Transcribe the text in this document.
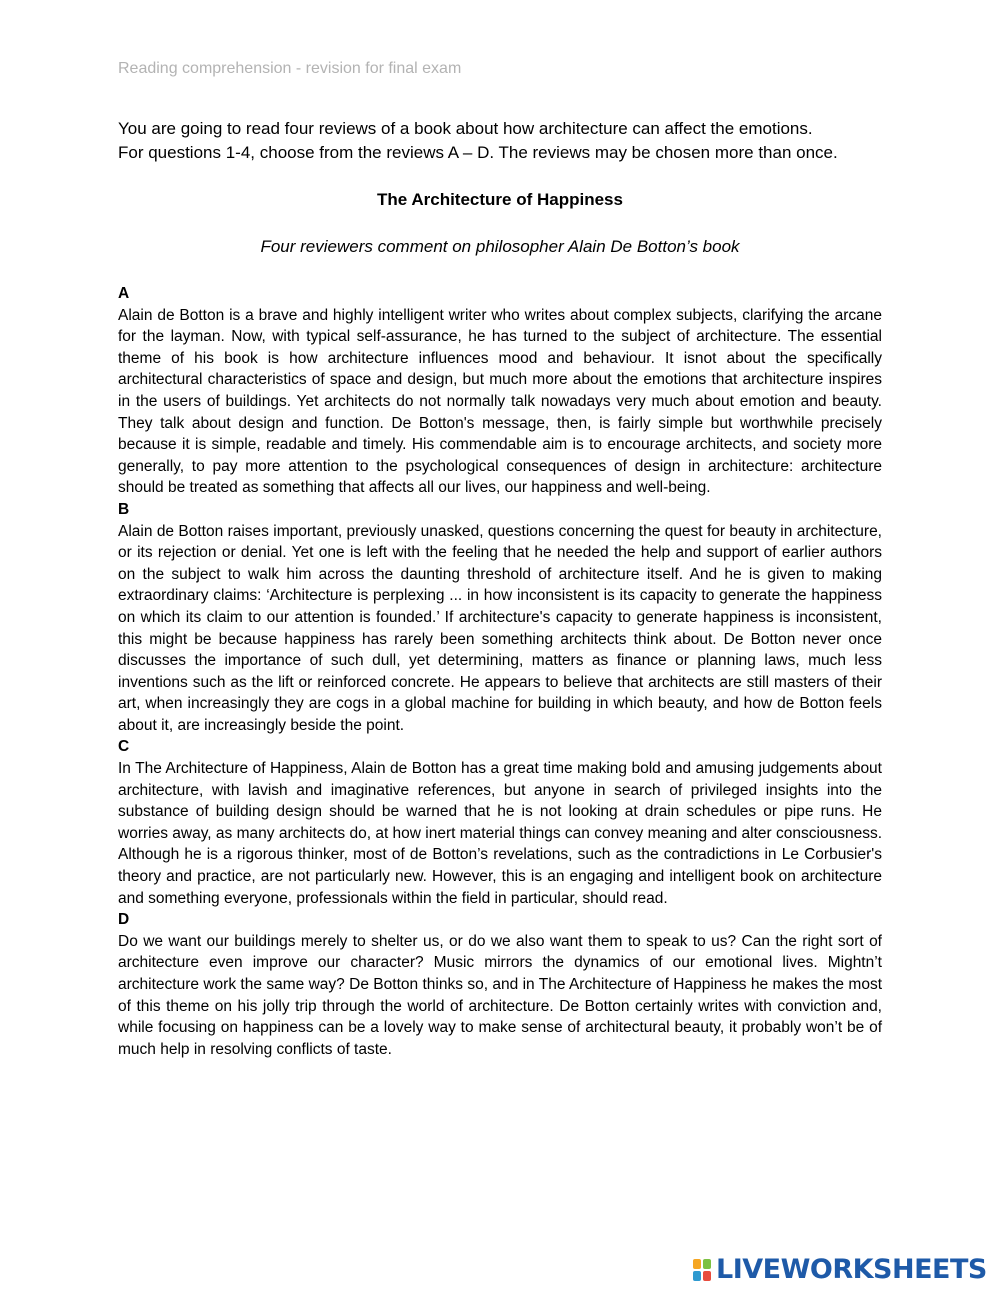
Reading comprehension - revision for final exam
You are going to read four reviews of a book about how architecture can affect the emotions.
For questions 1-4, choose from the reviews A – D. The reviews may be chosen more than once.
The Architecture of Happiness
Four reviewers comment on philosopher Alain De Botton’s book
A

Alain de Botton is a brave and highly intelligent writer who writes about complex subjects, clarifying the arcane for the layman. Now, with typical self-assurance, he has turned to the subject of architecture. The essential theme of his book is how architecture influences mood and behaviour. It isnot about the specifically architectural characteristics of space and design, but much more about the emotions that architecture inspires in the users of buildings. Yet architects do not normally talk nowadays very much about emotion and beauty. They talk about design and function. De Botton's message, then, is fairly simple but worthwhile precisely because it is simple, readable and timely. His commendable aim is to encourage architects, and society more generally, to pay more attention to the psychological consequences of design in architecture: architecture should be treated as something that affects all our lives, our happiness and well-being.

B

Alain de Botton raises important, previously unasked, questions concerning the quest for beauty in architecture, or its rejection or denial. Yet one is left with the feeling that he needed the help and support of earlier authors on the subject to walk him across the daunting threshold of architecture itself. And he is given to making extraordinary claims: ‘Architecture is perplexing ... in how inconsistent is its capacity to generate the happiness on which its claim to our attention is founded.’ If architecture's capacity to generate happiness is inconsistent, this might be because happiness has rarely been something architects think about. De Botton never once discusses the importance of such dull, yet determining, matters as finance or planning laws, much less inventions such as the lift or reinforced concrete. He appears to believe that architects are still masters of their art, when increasingly they are cogs in a global machine for building in which beauty, and how de Botton feels about it, are increasingly beside the point.

C

In The Architecture of Happiness, Alain de Botton has a great time making bold and amusing judgements about architecture, with lavish and imaginative references, but anyone in search of privileged insights into the substance of building design should be warned that he is not looking at drain schedules or pipe runs. He worries away, as many architects do, at how inert material things can convey meaning and alter consciousness. Although he is a rigorous thinker, most of de Botton’s revelations, such as the contradictions in Le Corbusier's theory and practice, are not particularly new. However, this is an engaging and intelligent book on architecture and something everyone, professionals within the field in particular, should read.

D

Do we want our buildings merely to shelter us, or do we also want them to speak to us? Can the right sort of architecture even improve our character? Music mirrors the dynamics of our emotional lives. Mightn’t architecture work the same way? De Botton thinks so, and in The Architecture of Happiness he makes the most of this theme on his jolly trip through the world of architecture. De Botton certainly writes with conviction and, while focusing on happiness can be a lovely way to make sense of architectural beauty, it probably won’t be of much help in resolving conflicts of taste.

LIVEWORKSHEETS
